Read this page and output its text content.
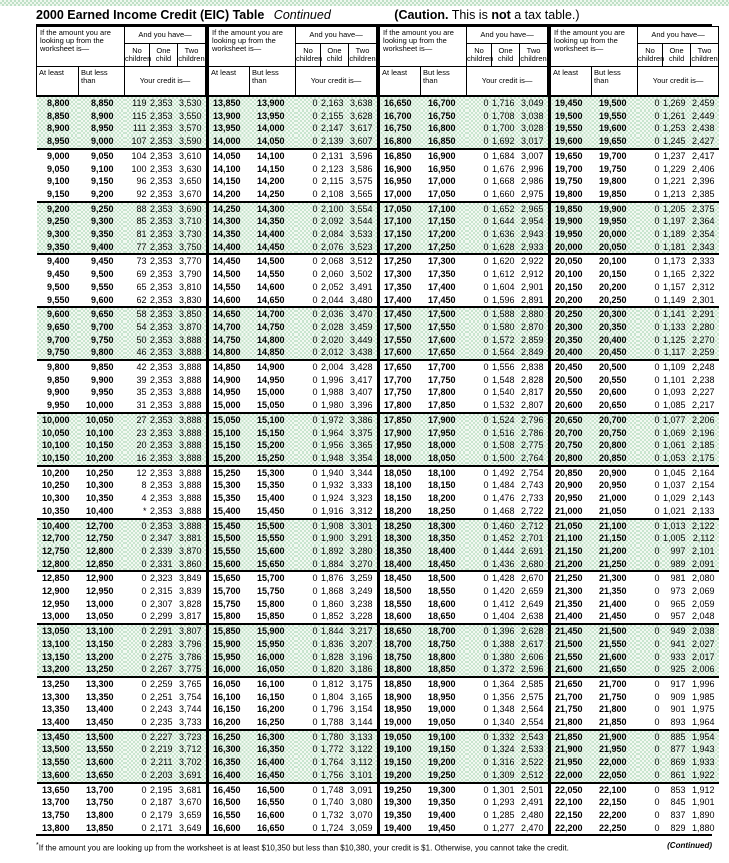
2000 Earned Income Credit (EIC) Table Continued	(Caution. This is not a tax table.)
If the amount you are looking up from the worksheet is—		And you have—		
		No children	One child	Two children
At least	But less than	Your credit is—		
8,800	8,850	119	2,353	3,530
8,850	8,900	115	2,353	3,550
8,900	8,950	111	2,353	3,570
8,950	9,000	107	2,353	3,590
9,000	9,050	104	2,353	3,610
9,050	9,100	100	2,353	3,630
9,100	9,150	96	2,353	3,650
9,150	9,200	92	2,353	3,670
9,200	9,250	88	2,353	3,690
9,250	9,300	85	2,353	3,710
9,300	9,350	81	2,353	3,730
9,350	9,400	77	2,353	3,750
9,400	9,450	73	2,353	3,770
9,450	9,500	69	2,353	3,790
9,500	9,550	65	2,353	3,810
9,550	9,600	62	2,353	3,830
9,600	9,650	58	2,353	3,850
9,650	9,700	54	2,353	3,870
9,700	9,750	50	2,353	3,888
9,750	9,800	46	2,353	3,888
9,800	9,850	42	2,353	3,888
9,850	9,900	39	2,353	3,888
9,900	9,950	35	2,353	3,888
9,950	10,000	31	2,353	3,888
10,000	10,050	27	2,353	3,888
10,050	10,100	23	2,353	3,888
10,100	10,150	20	2,353	3,888
10,150	10,200	16	2,353	3,888
10,200	10,250	12	2,353	3,888
10,250	10,300	8	2,353	3,888
10,300	10,350	4	2,353	3,888
10,350	10,400	*	2,353	3,888
10,400	12,700	0	2,353	3,888
12,700	12,750	0	2,347	3,881
12,750	12,800	0	2,339	3,870
12,800	12,850	0	2,331	3,860
12,850	12,900	0	2,323	3,849
12,900	12,950	0	2,315	3,839
12,950	13,000	0	2,307	3,828
13,000	13,050	0	2,299	3,817
13,050	13,100	0	2,291	3,807
13,100	13,150	0	2,283	3,796
13,150	13,200	0	2,275	3,786
13,200	13,250	0	2,267	3,775
13,250	13,300	0	2,259	3,765
13,300	13,350	0	2,251	3,754
13,350	13,400	0	2,243	3,744
13,400	13,450	0	2,235	3,733
13,450	13,500	0	2,227	3,723
13,500	13,550	0	2,219	3,712
13,550	13,600	0	2,211	3,702
13,600	13,650	0	2,203	3,691
13,650	13,700	0	2,195	3,681
13,700	13,750	0	2,187	3,670
13,750	13,800	0	2,179	3,659
13,800	13,850	0	2,171	3,649
If the amount you are looking up from the worksheet is—		And you have—		
		No children	One child	Two children
At least	But less than	Your credit is—		
13,850	13,900	0	2,163	3,638
13,900	13,950	0	2,155	3,628
13,950	14,000	0	2,147	3,617
14,000	14,050	0	2,139	3,607
14,050	14,100	0	2,131	3,596
14,100	14,150	0	2,123	3,586
14,150	14,200	0	2,115	3,575
14,200	14,250	0	2,108	3,565
14,250	14,300	0	2,100	3,554
14,300	14,350	0	2,092	3,544
14,350	14,400	0	2,084	3,533
14,400	14,450	0	2,076	3,523
14,450	14,500	0	2,068	3,512
14,500	14,550	0	2,060	3,502
14,550	14,600	0	2,052	3,491
14,600	14,650	0	2,044	3,480
14,650	14,700	0	2,036	3,470
14,700	14,750	0	2,028	3,459
14,750	14,800	0	2,020	3,449
14,800	14,850	0	2,012	3,438
14,850	14,900	0	2,004	3,428
14,900	14,950	0	1,996	3,417
14,950	15,000	0	1,988	3,407
15,000	15,050	0	1,980	3,396
15,050	15,100	0	1,972	3,386
15,100	15,150	0	1,964	3,375
15,150	15,200	0	1,956	3,365
15,200	15,250	0	1,948	3,354
15,250	15,300	0	1,940	3,344
15,300	15,350	0	1,932	3,333
15,350	15,400	0	1,924	3,323
15,400	15,450	0	1,916	3,312
15,450	15,500	0	1,908	3,301
15,500	15,550	0	1,900	3,291
15,550	15,600	0	1,892	3,280
15,600	15,650	0	1,884	3,270
15,650	15,700	0	1,876	3,259
15,700	15,750	0	1,868	3,249
15,750	15,800	0	1,860	3,238
15,800	15,850	0	1,852	3,228
15,850	15,900	0	1,844	3,217
15,900	15,950	0	1,836	3,207
15,950	16,000	0	1,828	3,196
16,000	16,050	0	1,820	3,186
16,050	16,100	0	1,812	3,175
16,100	16,150	0	1,804	3,165
16,150	16,200	0	1,796	3,154
16,200	16,250	0	1,788	3,144
16,250	16,300	0	1,780	3,133
16,300	16,350	0	1,772	3,122
16,350	16,400	0	1,764	3,112
16,400	16,450	0	1,756	3,101
16,450	16,500	0	1,748	3,091
16,500	16,550	0	1,740	3,080
16,550	16,600	0	1,732	3,070
16,600	16,650	0	1,724	3,059
If the amount you are looking up from the worksheet is—		And you have—		
		No children	One child	Two children
At least	But less than	Your credit is—		
16,650	16,700	0	1,716	3,049
16,700	16,750	0	1,708	3,038
16,750	16,800	0	1,700	3,028
16,800	16,850	0	1,692	3,017
16,850	16,900	0	1,684	3,007
16,900	16,950	0	1,676	2,996
16,950	17,000	0	1,668	2,986
17,000	17,050	0	1,660	2,975
17,050	17,100	0	1,652	2,965
17,100	17,150	0	1,644	2,954
17,150	17,200	0	1,636	2,943
17,200	17,250	0	1,628	2,933
17,250	17,300	0	1,620	2,922
17,300	17,350	0	1,612	2,912
17,350	17,400	0	1,604	2,901
17,400	17,450	0	1,596	2,891
17,450	17,500	0	1,588	2,880
17,500	17,550	0	1,580	2,870
17,550	17,600	0	1,572	2,859
17,600	17,650	0	1,564	2,849
17,650	17,700	0	1,556	2,838
17,700	17,750	0	1,548	2,828
17,750	17,800	0	1,540	2,817
17,800	17,850	0	1,532	2,807
17,850	17,900	0	1,524	2,796
17,900	17,950	0	1,516	2,786
17,950	18,000	0	1,508	2,775
18,000	18,050	0	1,500	2,764
18,050	18,100	0	1,492	2,754
18,100	18,150	0	1,484	2,743
18,150	18,200	0	1,476	2,733
18,200	18,250	0	1,468	2,722
18,250	18,300	0	1,460	2,712
18,300	18,350	0	1,452	2,701
18,350	18,400	0	1,444	2,691
18,400	18,450	0	1,436	2,680
18,450	18,500	0	1,428	2,670
18,500	18,550	0	1,420	2,659
18,550	18,600	0	1,412	2,649
18,600	18,650	0	1,404	2,638
18,650	18,700	0	1,396	2,628
18,700	18,750	0	1,388	2,617
18,750	18,800	0	1,380	2,606
18,800	18,850	0	1,372	2,596
18,850	18,900	0	1,364	2,585
18,900	18,950	0	1,356	2,575
18,950	19,000	0	1,348	2,564
19,000	19,050	0	1,340	2,554
19,050	19,100	0	1,332	2,543
19,100	19,150	0	1,324	2,533
19,150	19,200	0	1,316	2,522
19,200	19,250	0	1,309	2,512
19,250	19,300	0	1,301	2,501
19,300	19,350	0	1,293	2,491
19,350	19,400	0	1,285	2,480
19,400	19,450	0	1,277	2,470
If the amount you are looking up from the worksheet is—		And you have—		
		No children	One child	Two children
At least	But less than	Your credit is—		
19,450	19,500	0	1,269	2,459
19,500	19,550	0	1,261	2,449
19,550	19,600	0	1,253	2,438
19,600	19,650	0	1,245	2,427
19,650	19,700	0	1,237	2,417
19,700	19,750	0	1,229	2,406
19,750	19,800	0	1,221	2,396
19,800	19,850	0	1,213	2,385
19,850	19,900	0	1,205	2,375
19,900	19,950	0	1,197	2,364
19,950	20,000	0	1,189	2,354
20,000	20,050	0	1,181	2,343
20,050	20,100	0	1,173	2,333
20,100	20,150	0	1,165	2,322
20,150	20,200	0	1,157	2,312
20,200	20,250	0	1,149	2,301
20,250	20,300	0	1,141	2,291
20,300	20,350	0	1,133	2,280
20,350	20,400	0	1,125	2,270
20,400	20,450	0	1,117	2,259
20,450	20,500	0	1,109	2,248
20,500	20,550	0	1,101	2,238
20,550	20,600	0	1,093	2,227
20,600	20,650	0	1,085	2,217
20,650	20,700	0	1,077	2,206
20,700	20,750	0	1,069	2,196
20,750	20,800	0	1,061	2,185
20,800	20,850	0	1,053	2,175
20,850	20,900	0	1,045	2,164
20,900	20,950	0	1,037	2,154
20,950	21,000	0	1,029	2,143
21,000	21,050	0	1,021	2,133
21,050	21,100	0	1,013	2,122
21,100	21,150	0	1,005	2,112
21,150	21,200	0	997	2,101
21,200	21,250	0	989	2,091
21,250	21,300	0	981	2,080
21,300	21,350	0	973	2,069
21,350	21,400	0	965	2,059
21,400	21,450	0	957	2,048
21,450	21,500	0	949	2,038
21,500	21,550	0	941	2,027
21,550	21,600	0	933	2,017
21,600	21,650	0	925	2,006
21,650	21,700	0	917	1,996
21,700	21,750	0	909	1,985
21,750	21,800	0	901	1,975
21,800	21,850	0	893	1,964
21,850	21,900	0	885	1,954
21,900	21,950	0	877	1,943
21,950	22,000	0	869	1,933
22,000	22,050	0	861	1,922
22,050	22,100	0	853	1,912
22,100	22,150	0	845	1,901
22,150	22,200	0	837	1,890
22,200	22,250	0	829	1,880
*If the amount you are looking up from the worksheet is at least $10,350 but less than $10,380, your credit is $1. Otherwise, you cannot take the credit.	(Continued)
